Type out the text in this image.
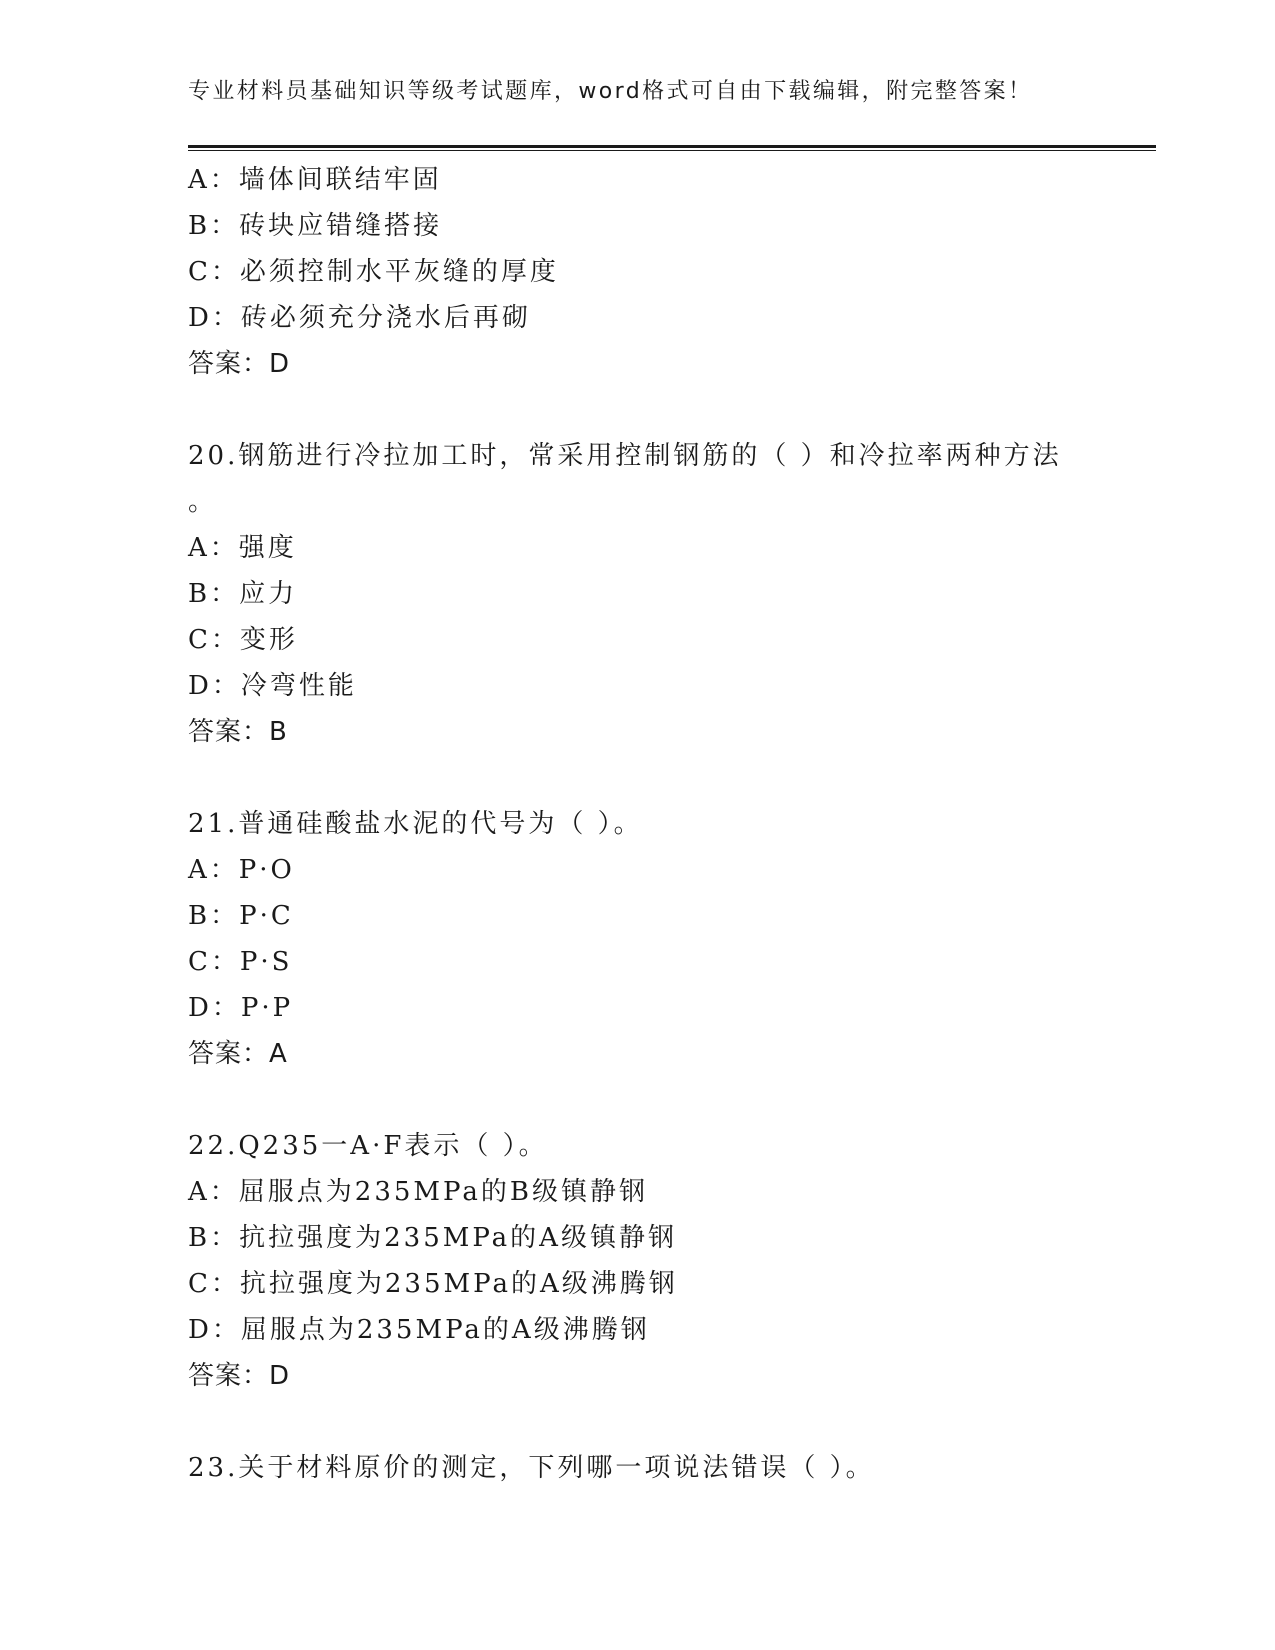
专业材料员基础知识等级考试题库，word格式可自由下载编辑，附完整答案！
A：墙体间联结牢固
B：砖块应错缝搭接
C：必须控制水平灰缝的厚度
D：砖必须充分浇水后再砌
答案：D
20.钢筋进行冷拉加工时，常采用控制钢筋的（ ）和冷拉率两种方法
。
A：强度
B：应力
C：变形
D：冷弯性能
答案：B
21.普通硅酸盐水泥的代号为（ ）。
A：P·O
B：P·C
C：P·S
D：P·P
答案：A
22.Q235一A·F表示（ ）。
A：屈服点为235MPa的B级镇静钢
B：抗拉强度为235MPa的A级镇静钢
C：抗拉强度为235MPa的A级沸腾钢
D：屈服点为235MPa的A级沸腾钢
答案：D
23.关于材料原价的测定，下列哪一项说法错误（ ）。
